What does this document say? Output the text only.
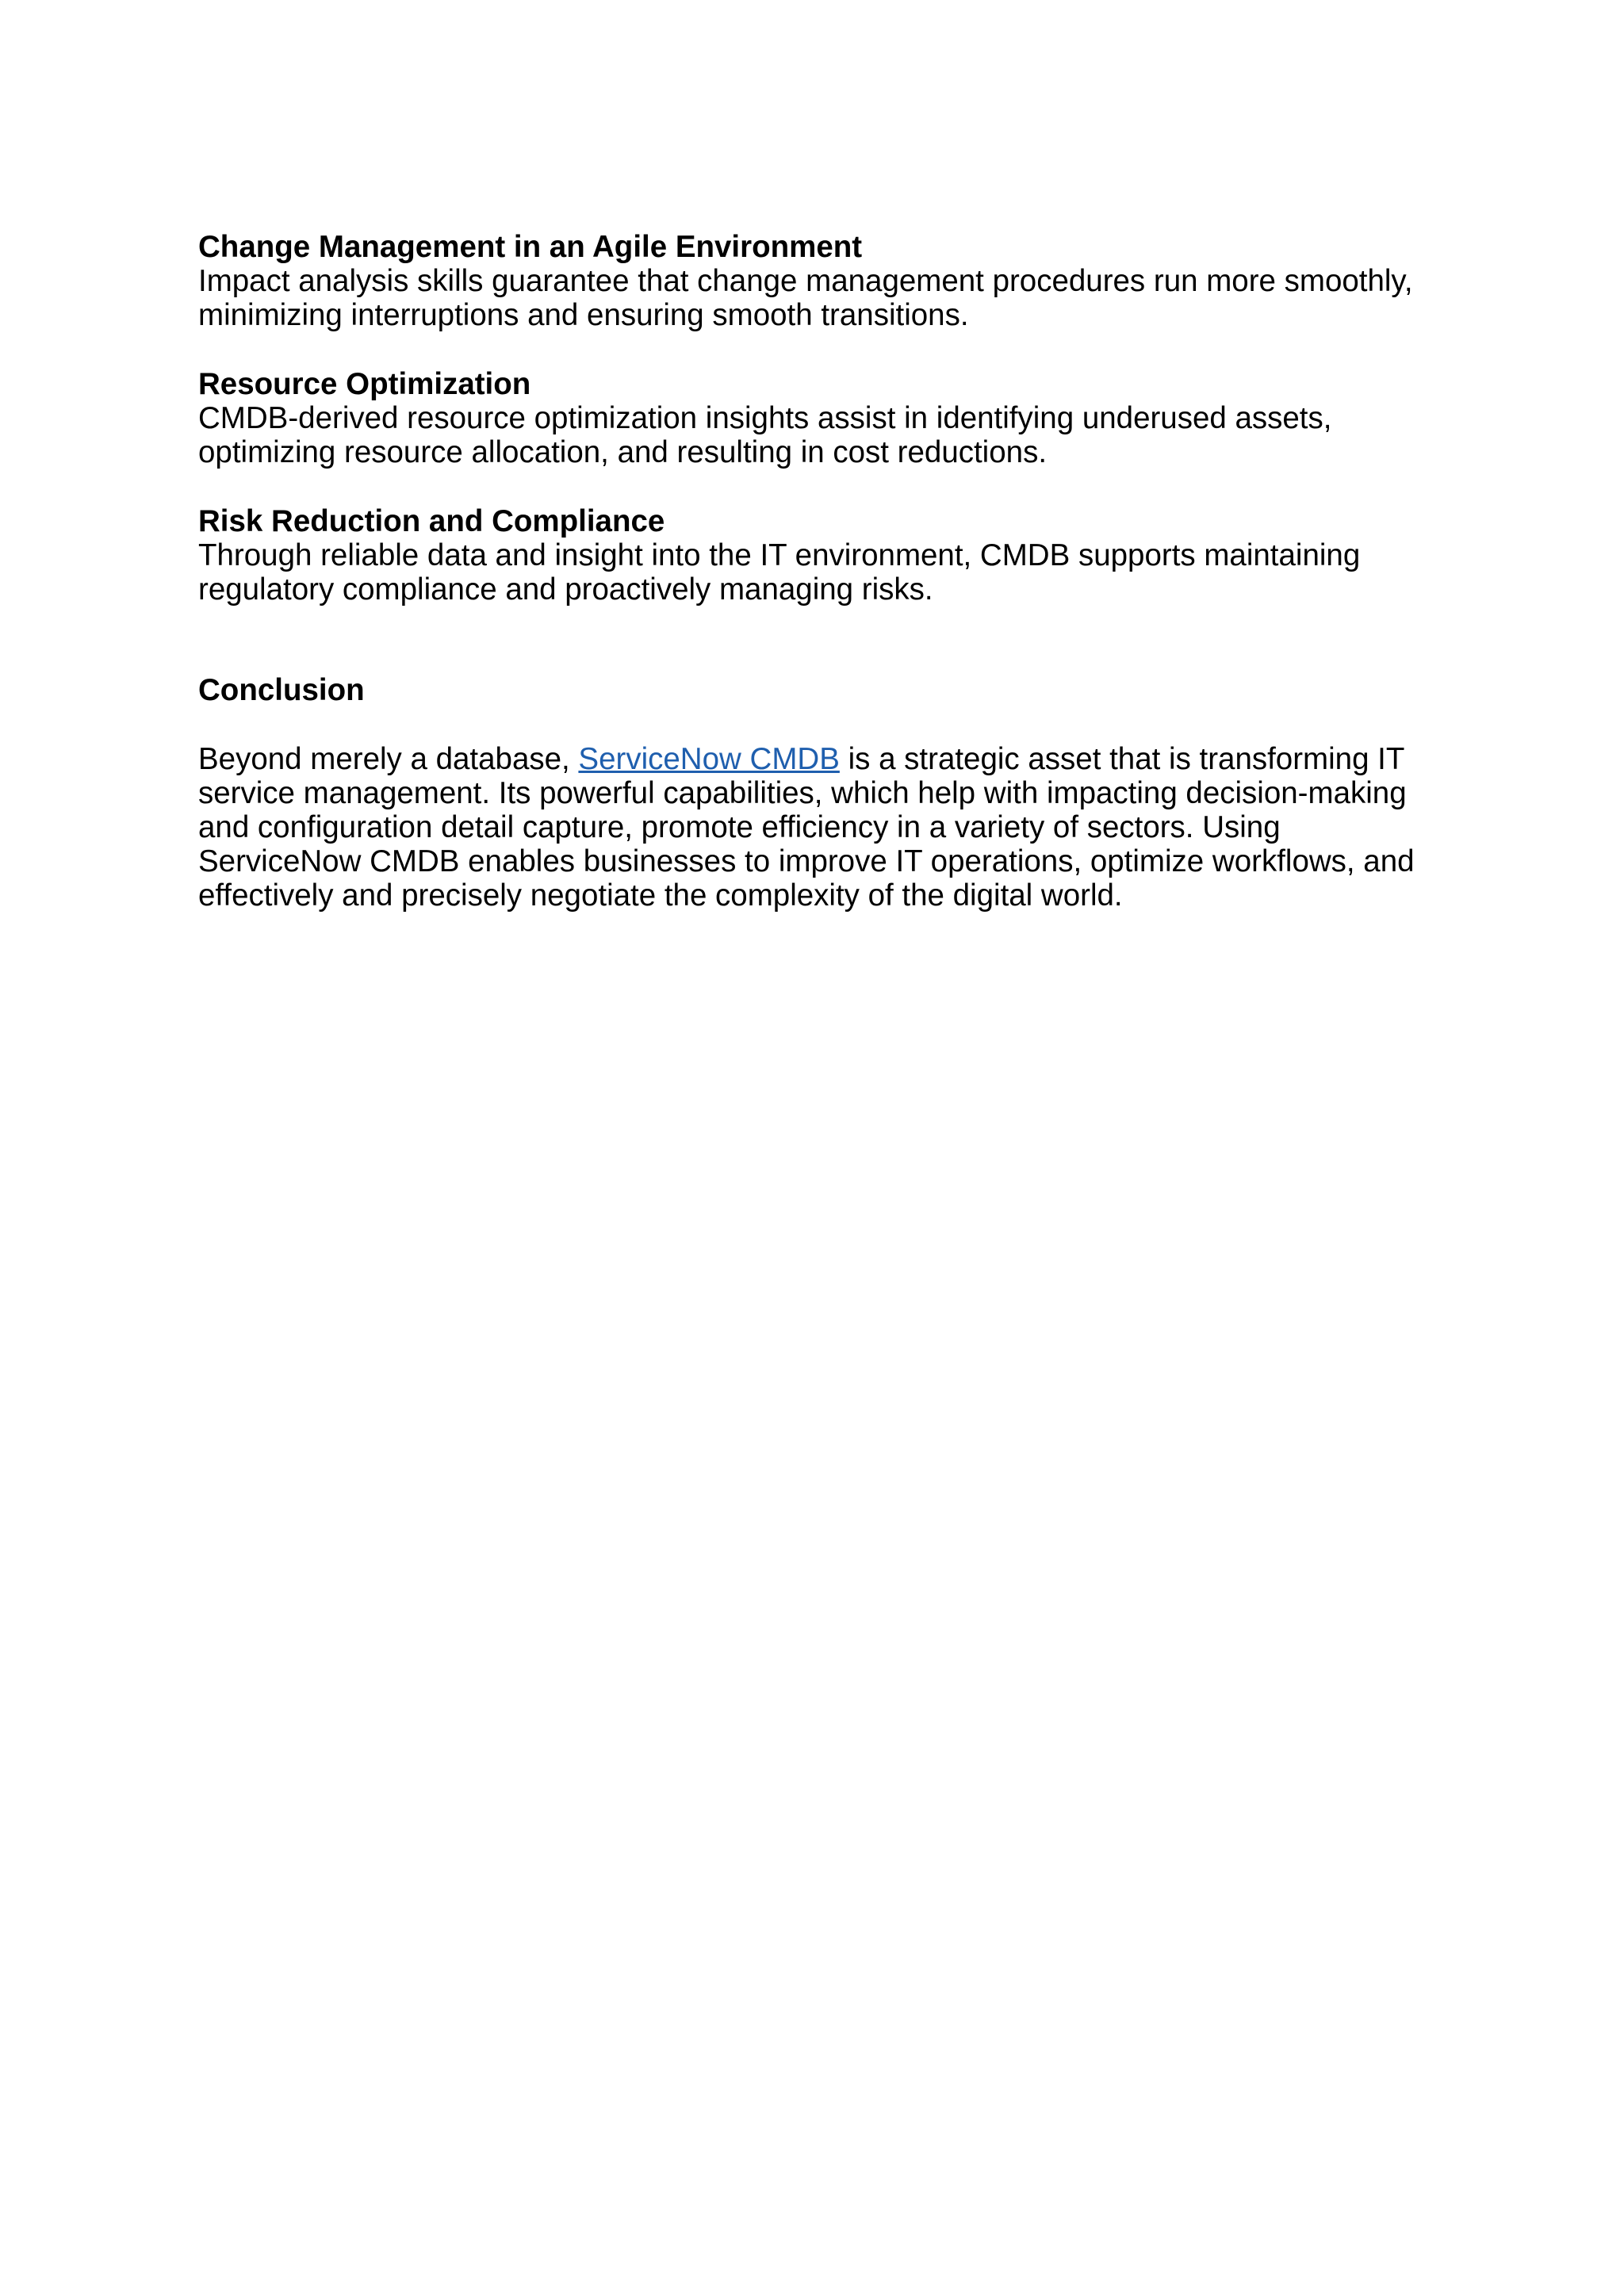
Change Management in an Agile Environment

Impact analysis skills guarantee that change management procedures run more smoothly,
minimizing interruptions and ensuring smooth transitions.

Resource Optimization

CMDB-derived resource optimization insights assist in identifying underused assets,
optimizing resource allocation, and resulting in cost reductions.

Risk Reduction and Compliance

Through reliable data and insight into the IT environment, CMDB supports maintaining
regulatory compliance and proactively managing risks.

Conclusion

Beyond merely a database, ServiceNow CMDB is a strategic asset that is transforming IT
service management. Its powerful capabilities, which help with impacting decision-making
and configuration detail capture, promote efficiency in a variety of sectors. Using
ServiceNow CMDB enables businesses to improve IT operations, optimize workflows, and
effectively and precisely negotiate the complexity of the digital world.
